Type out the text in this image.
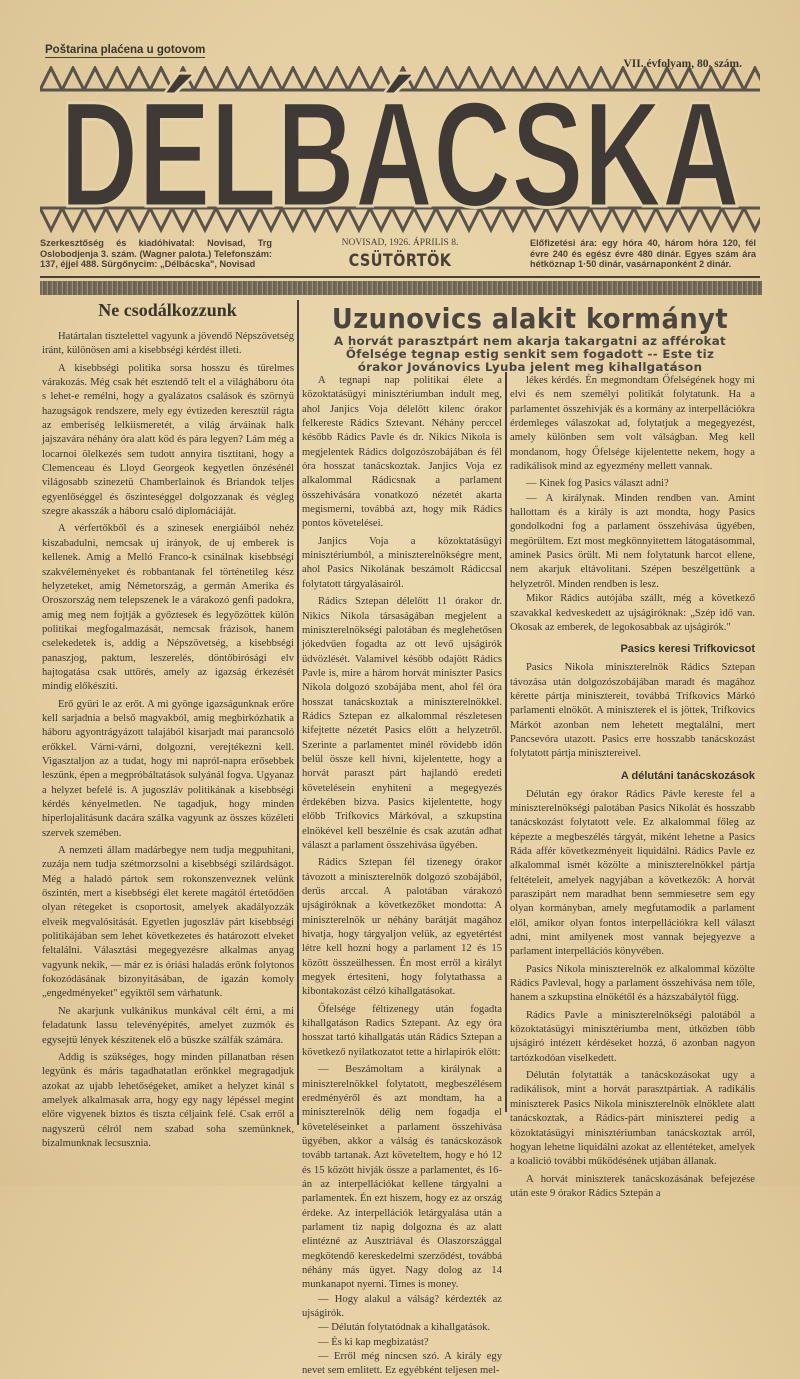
Poštarina plaćena u gotovom
VII. évfolyam, 80. szám.
DÉLBÁCSKA
Szerkesztőség és kiadóhivatal: Novisad, Trg Oslobodjenja 3. szám. (Wagner palota.) Telefonszám: 137, éjjel 488. Sürgőnycim: „Délbácska", Novisad
NOVISAD, 1926. ÁPRILIS 8.
CSÜTÖRTÖK
Előfizetési ára: egy hóra 40, három hóra 120, fél évre 240 és egész évre 480 dinár. Egyes szám ára hétköznap 1·50 dinár, vasárnaponként 2 dinár.
Ne csodálkozzunk

Határtalan tisztelettel vagyunk a jövendő Népszövetség iránt, különösen ami a kisebbségi kérdést illeti.

A kisebbségi politika sorsa hosszu és türelmes várakozás. Még csak hét esztendő telt el a világháboru óta s lehet-e remélni, hogy a gyalázatos csalások és szörnyü hazugságok rendszere, mely egy évtizeden keresztül rágta az emberiség lelkiismeretét, a világ árváinak halk jajszavára néhány óra alatt köd és pára legyen? Lám még a locarnoi ölelkezés sem tudott annyira tisztitani, hogy a Clemenceau és Lloyd Georgeok kegyetlen önzésénél világosabb szinezetü Chamberlainok és Briandok teljes egyenlőséggel és őszinteséggel dolgozzanak és végleg szegre akasszák a háboru csaló diplomáciáját.

A vérfertőkből és a szinesek energiáiból nehéz kiszabadulni, nemcsak uj irányok, de uj emberek is kellenek. Amig a Melló Franco-k csinálnak kisebbségi szakvéleményeket és robbantanak fel történetileg kész helyzeteket, amig Németország, a germán Amerika és Oroszország nem telepszenek le a várakozó genfi padokra, amig meg nem fojtják a győztesek és legyőzöttek külön politikai megfogalmazását, nemcsak frázisok, hanem cselekedetek is, addig a Népszövetség, a kisebbségi panaszjog, paktum, leszerelés, döntőbirósági elv hajtogatása csak uttörés, amely az igazság érkezését mindig előkésziti.

Erő gyüri le az erőt. A mi gyönge igazságunknak erőre kell sarjadnia a belső magvakból, amig megbirkózhatik a háboru agyontrágyázott talajából kisarjadt mai parancsoló erőkkel. Várni-várni, dolgozni, verejtékezni kell. Vigasztaljon az a tudat, hogy mi napról-napra erősebbek leszünk, épen a megpróbáltatások sulyánál fogva. Ugyanaz a helyzet befelé is. A jugoszláv politikának a kisebbségi kérdés kényelmetlen. Ne tagadjuk, hogy minden hiperlojalitásunk dacára szálka vagyunk az összes közéleti szervek szemében.

A nemzeti állam madárbegye nem tudja megpuhitani, zuzája nem tudja szétmorzsolni a kisebbségi szilárdságot. Még a haladó pártok sem rokonszenveznek velünk őszintén, mert a kisebbségi élet kerete magától értetődően olyan rétegeket is csoportosit, amelyek akadályozzák elveik megvalósitását. Egyetlen jugoszláv párt kisebbségi politikájában sem lehet következetes és határozott elveket feltalálni. Választási megegyezésre alkalmas anyag vagyunk nekik, — már ez is óriási haladás erőnk folytonos fokozódásának bizonyitásában, de igazán komoly „engedményeket" egyiktől sem várhatunk.

Ne akarjunk vulkánikus munkával célt érni, a mi feladatunk lassu televényépités, amelyet zuzmók és egysejtü lények készitenek elő a büszke szálfák számára.

Addig is szükséges, hogy minden pillanatban résen legyünk és máris tagadhatatlan erőnkkel megragadjuk azokat az ujabb lehetőségeket, amiket a helyzet kinál s amelyek alkalmasak arra, hogy egy nagy lépéssel megint előre vigyenek biztos és tiszta céljaink felé. Csak erről a nagyszerü célról nem szabad soha szemünknek, bizalmunknak lecsusznia.

Uzunovics alakit kormányt
A horvát parasztpárt nem akarja takargatni az afférokat
Őfelsége tegnap estig senkit sem fogadott -- Este tiz
órakor Jovánovics Lyuba jelent meg kihallgatáson

A tegnapi nap politikai élete a közoktatásügyi minisztériumban indult meg, ahol Janjics Voja délelőtt kilenc órakor felkereste Rádics Sztevant. Néhány perccel később Rádics Pavle és dr. Nikics Nikola is megjelentek Rádics dolgozószobájában és fél óra hosszat tanácskoztak. Janjics Voja ez alkalommal Rádicsnak a parlament összehivására vonatkozó nézetét akarta megismerni, továbbá azt, hogy mik Rádics pontos követelései.

Janjics Voja a közoktatásügyi minisztériumból, a miniszterelnökségre ment, ahol Pasics Nikolának beszámolt Rádiccsal folytatott tárgyalásairól.

Rádics Sztepan délelőtt 11 órakor dr. Nikics Nikola társaságában megjelent a miniszterelnökségi palotában és meglehetősen jókedvűen fogadta az ott levő ujságirók üdvözlését. Valamivel később odajött Rádics Pavle is, mire a három horvát miniszter Pasics Nikola dolgozó szobájába ment, ahol fél óra hosszat tanácskoztak a miniszterelnökkel. Rádics Sztepan ez alkalommal részletesen kifejtette nézetét Pasics előtt a helyzetről. Szerinte a parlamentet minél rövidebb időn belül össze kell hivni, kijelentette, hogy a horvát paraszt párt hajlandó eredeti követelésein enyhiteni a megegyezés érdekében bizva. Pasics kijelentette, hogy előbb Trifkovics Márkóval, a szkupstina elnökével kell beszélnie és csak azután adhat választ a parlament összehivása ügyében.

Rádics Sztepan fél tizenegy órakor távozott a miniszterelnök dolgozó szobájából, derűs arccal. A palotában várakozó ujságiróknak a következőket mondotta: A miniszterelnök ur néhány barátját magához hivatja, hogy tárgyaljon velük, az egyetértést létre kell hozni hogy a parlament 12 és 15 között összeülhessen. Én most erről a királyt megyek értesiteni, hogy folytathassa a kibontakozást célzó kihallgatásokat.

Őfelsége féltizenegy után fogadta kihallgatáson Radics Sztepant. Az egy óra hosszat tartó kihallgatás után Rádics Sztepan a következő nyilatkozatot tette a hirlapirók előtt:

— Beszámoltam a királynak a miniszterelnökkel folytatott, megbeszélésem eredményéről és azt mondtam, ha a miniszterelnök délig nem fogadja el követeléseinket a parlament összehivása ügyében, akkor a válság és tanácskozások tovább tartanak. Azt követeltem, hogy e hó 12 és 15 között hivják össze a parlamentet, és 16-án az interpellációkat kellene tárgyalni a parlamentek. Én ezt hiszem, hogy ez az ország érdeke. Az interpellációk letárgyalása után a parlament tiz napig dolgozna és az alatt elintézné az Ausztriával és Olaszországgal megkötendő kereskedelmi szerződést, továbbá néhány más ügyet. Nagy dolog az 14 munkanapot nyerni. Times is money.

— Hogy alakul a válság? kérdezték az ujságirók.

— Délután folytatódnak a kihallgatások.

— És ki kap megbizatást?

— Erről még nincsen szó. A király egy nevet sem emlitett. Ez egyébként teljesen mel-

lékes kérdés. Én megmondtam Őfelségének hogy mi elvi és nem személyi politikát folytatunk. Ha a parlamentet összehivják és a kormány az interpellációkra érdemleges válaszokat ad, folytatjuk a megegyezést, amely különben sem volt válságban. Meg kell mondanom, hogy Őfelsége kijelentette nekem, hogy a radikálisok mind az egyezmény mellett vannak.

— Kinek fog Pasics választ adni?

— A királynak. Minden rendben van. Amint hallottam és a király is azt mondta, hogy Pasics gondolkodni fog a parlament összehivása ügyében, megörültem. Ezt most megkönnyitettem látogatásommal, aminek Pasics örült. Mi nem folytatunk harcot ellene, nem akarjuk eltávolitani. Szépen beszélgettünk a helyzetről. Minden rendben is lesz.

Mikor Rádics autójába szállt, még a következő szavakkal kedveskedett az ujságiróknak: „Szép idő van. Okosak az emberek, de legokosabbak az ujságirók."

Pasics keresi Trifkovicsot

Pasics Nikola miniszterelnök Rádics Sztepan távozása után dolgozószobájában maradt és magához kérette pártja minisztereit, továbbá Trifkovics Márkó parlamenti elnököt. A miniszterek el is jöttek, Trifkovics Márkót azonban nem lehetett megtalálni, mert Pancsevóra utazott. Pasics erre hosszabb tanácskozást folytatott pártja minisztereivel.

A délutáni tanácskozások

Délután egy órakor Rádics Pávle kereste fel a miniszterelnökségi palotában Pasics Nikolát és hosszabb tanácskozást folytatott vele. Ez alkalommal főleg az képezte a megbeszélés tárgyát, miként lehetne a Pasics Ráda affér következményeit liquidálni. Rádics Pavle ez alkalommal ismét közölte a miniszterelnökkel pártja feltételeit, amelyek nagyjában a következők: A horvát paraszipárt nem maradhat benn semmiesetre sem egy olyan kormányban, amely megfutamodik a parlament elől, amikor olyan fontos interpellációkra kell választ adni, mint amilyenek most vannak bejegyezve a parlament interpellációs könyvében.

Pasics Nikola miniszterelnök ez alkalommal közölte Rádics Pavleval, hogy a parlament összehivása nem tőle, hanem a szkupstina elnökétől és a házszabálytól függ.

Rádics Pavle a miniszterelnökségi palotából a közoktatásügyi minisztériumba ment, útközben több ujságiró intézett kérdéseket hozzá, ő azonban nagyon tartózkodóan viselkedett.

Délután folytatták a tanácskozásokat ugy a radikálisok, mint a horvát parasztpártiak. A radikális miniszterek Pasics Nikola miniszterelnök elnöklete alatt tanácskoztak, a Rádics-párt miniszterei pedig a közoktatásügyi minisztériumban tanácskoztak arról, hogyan lehetne liquidálni azokat az ellentéteket, amelyek a koalició további működésének utjában állanak.

A horvát miniszterek tanácskozásának befejezése után este 9 órakor Rádics Sztepán a
